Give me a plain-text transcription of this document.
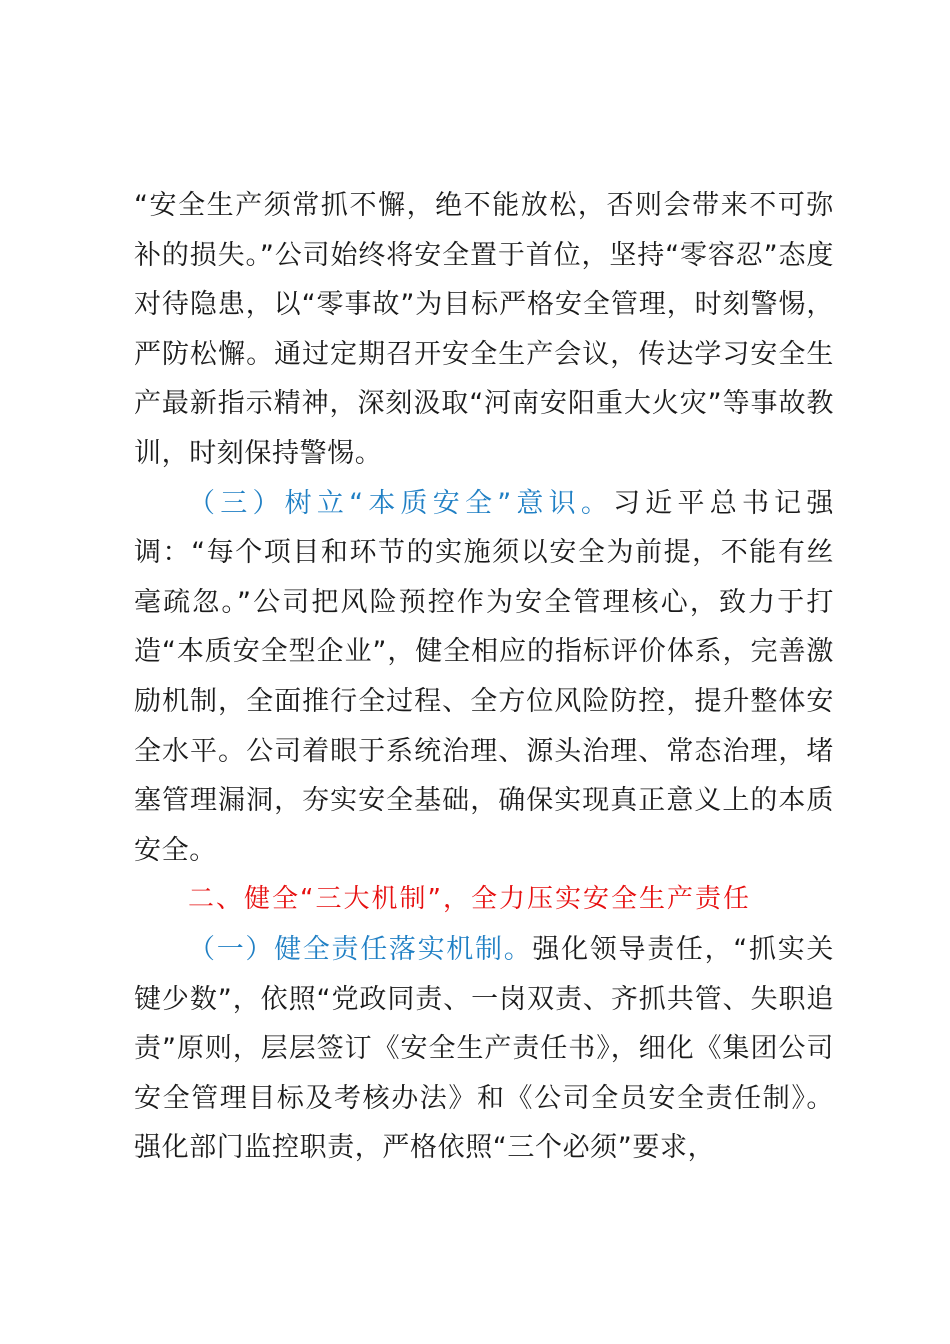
“安全生产须常抓不懈，绝不能放松，否则会带来不可弥补的损失。”公司始终将安全置于首位，坚持“零容忍”态度对待隐患，以“零事故”为目标严格安全管理，时刻警惕，严防松懈。通过定期召开安全生产会议，传达学习安全生产最新指示精神，深刻汲取“河南安阳重大火灾”等事故教训，时刻保持警惕。

（三）树立“本质安全”意识。习近平总书记强调：“每个项目和环节的实施须以安全为前提，不能有丝毫疏忽。”公司把风险预控作为安全管理核心，致力于打造“本质安全型企业”，健全相应的指标评价体系，完善激励机制，全面推行全过程、全方位风险防控，提升整体安全水平。公司着眼于系统治理、源头治理、常态治理，堵塞管理漏洞，夯实安全基础，确保实现真正意义上的本质安全。

二、健全“三大机制”，全力压实安全生产责任

（一）健全责任落实机制。强化领导责任，“抓实关键少数”，依照“党政同责、一岗双责、齐抓共管、失职追责”原则，层层签订《安全生产责任书》，细化《集团公司安全管理目标及考核办法》和《公司全员安全责任制》。强化部门监控职责，严格依照“三个必须”要求，
